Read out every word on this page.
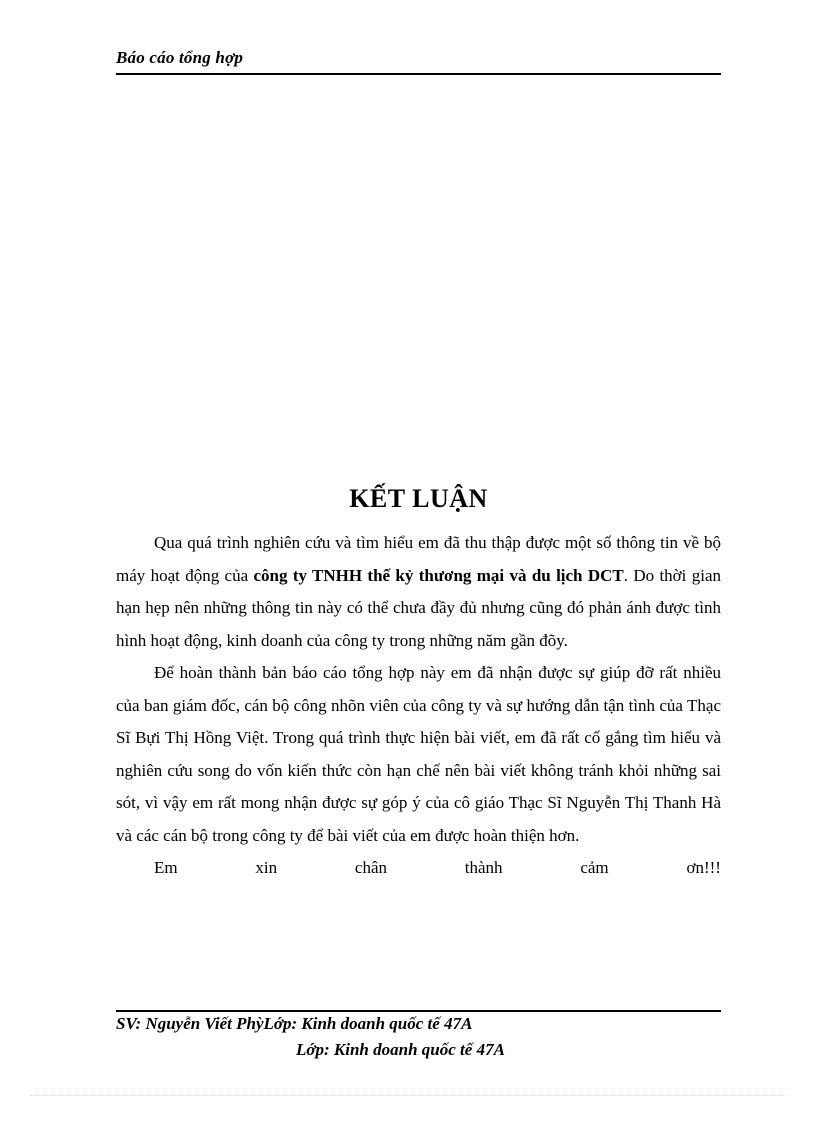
Báo cáo tổng hợp
KẾT LUẬN

Qua quá trình nghiên cứu và tìm hiểu em đã thu thập được một số thông tin về bộ máy hoạt động của công ty TNHH thế kỷ thương mại và du lịch DCT. Do thời gian hạn hẹp nên những thông tin này có thể chưa đầy đủ nhưng cũng đó phản ánh được tình hình hoạt động, kinh doanh của công ty trong những năm gần đõy.

Để hoàn thành bản báo cáo tổng hợp này em đã nhận được sự giúp đỡ rất nhiều của ban giám đốc, cán bộ công nhõn viên của công ty và sự hướng dẫn tận tình của Thạc Sĩ Bựi Thị Hồng Việt. Trong quá trình thực hiện bài viết, em đã rất cố gắng tìm hiểu và nghiên cứu song do vốn kiến thức còn hạn chế nên bài viết không tránh khỏi những sai sót, vì vậy em rất mong nhận được sự góp ý của cô giáo Thạc Sĩ Nguyễn Thị Thanh Hà và các cán bộ trong công ty để bài viết của em được hoàn thiện hơn.

Em	xin	chân	thành	cảm	ơn!!!
SV: Nguyễn Viết PhỳLớp: Kinh doanh quốc tế 47A
Lớp: Kinh doanh quốc tế 47A
